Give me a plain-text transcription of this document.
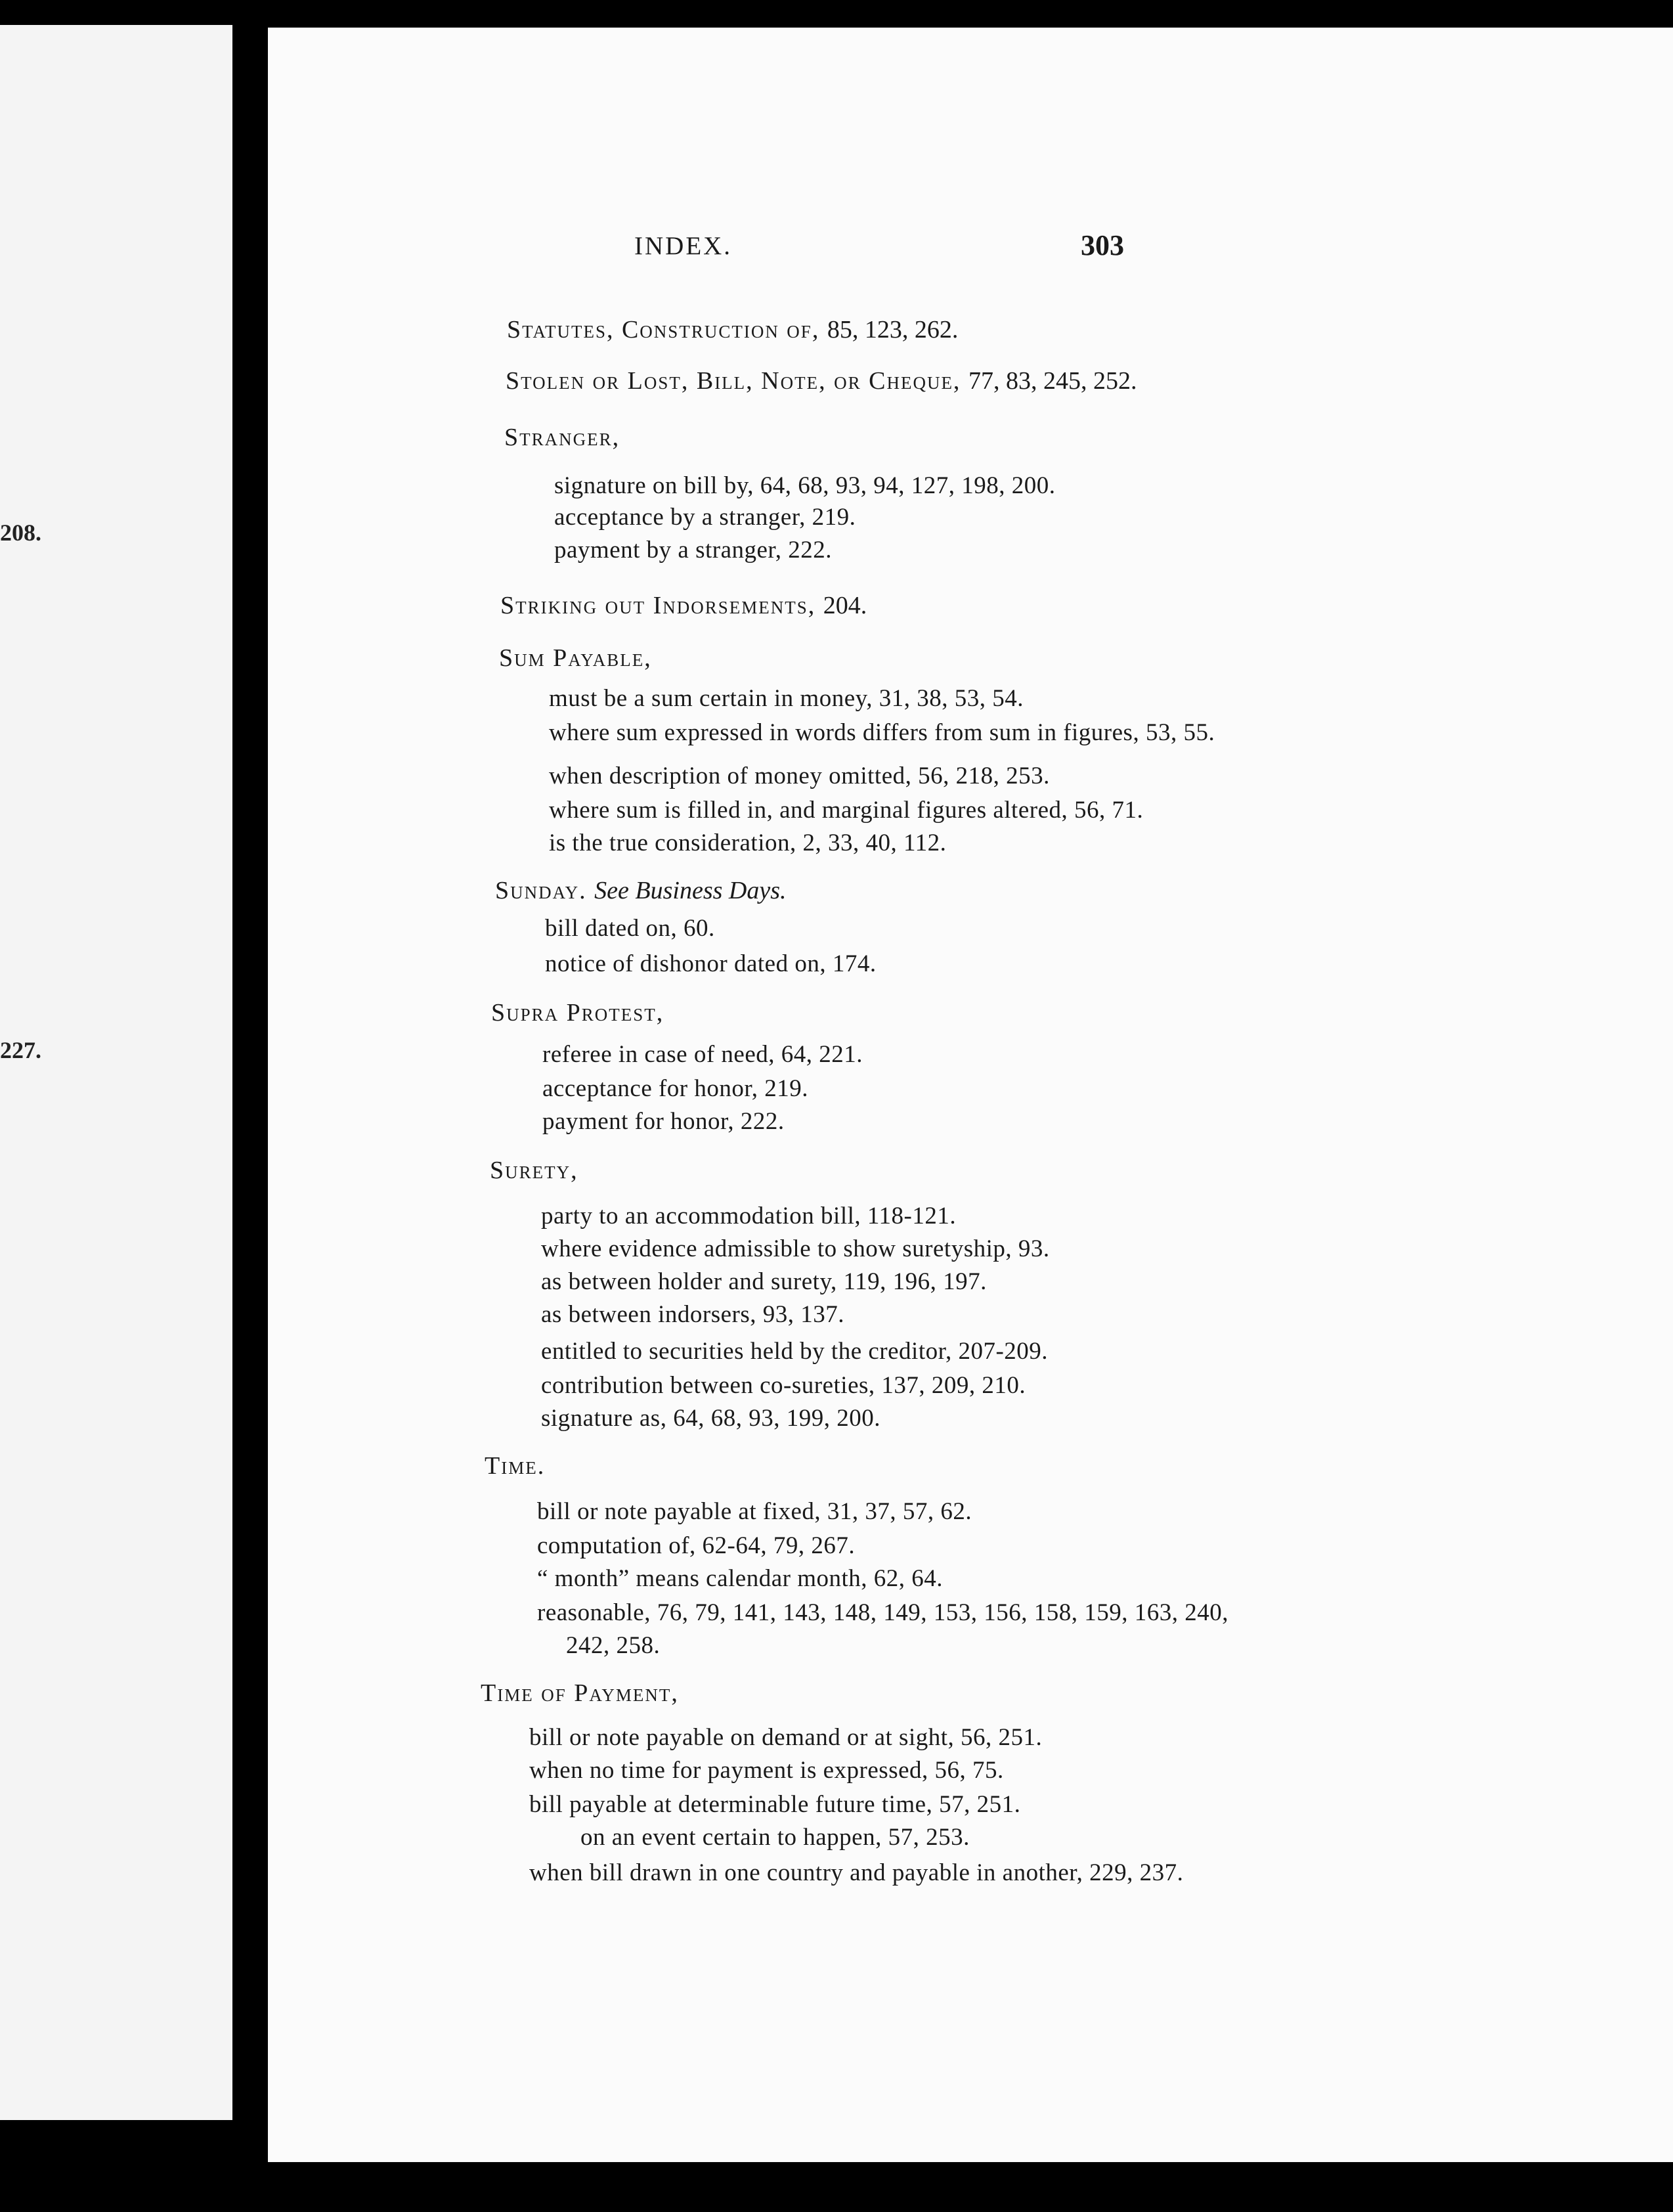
208.
227.
INDEX.	303
Statutes, Construction of, 85, 123, 262.
Stolen or Lost, Bill, Note, or Cheque, 77, 83, 245, 252.
Stranger,
signature on bill by, 64, 68, 93, 94, 127, 198, 200.
acceptance by a stranger, 219.
payment by a stranger, 222.
Striking out Indorsements, 204.
Sum Payable,
must be a sum certain in money, 31, 38, 53, 54.
where sum expressed in words differs from sum in figures, 53, 55.
when description of money omitted, 56, 218, 253.
where sum is filled in, and marginal figures altered, 56, 71.
is the true consideration, 2, 33, 40, 112.
Sunday. See Business Days.
bill dated on, 60.
notice of dishonor dated on, 174.
Supra Protest,
referee in case of need, 64, 221.
acceptance for honor, 219.
payment for honor, 222.
Surety,
party to an accommodation bill, 118-121.
where evidence admissible to show suretyship, 93.
as between holder and surety, 119, 196, 197.
as between indorsers, 93, 137.
entitled to securities held by the creditor, 207-209.
contribution between co-sureties, 137, 209, 210.
signature as, 64, 68, 93, 199, 200.
Time.
bill or note payable at fixed, 31, 37, 57, 62.
computation of, 62-64, 79, 267.
“ month” means calendar month, 62, 64.
reasonable, 76, 79, 141, 143, 148, 149, 153, 156, 158, 159, 163, 240,
242, 258.
Time of Payment,
bill or note payable on demand or at sight, 56, 251.
when no time for payment is expressed, 56, 75.
bill payable at determinable future time, 57, 251.
on an event certain to happen, 57, 253.
when bill drawn in one country and payable in another, 229, 237.
